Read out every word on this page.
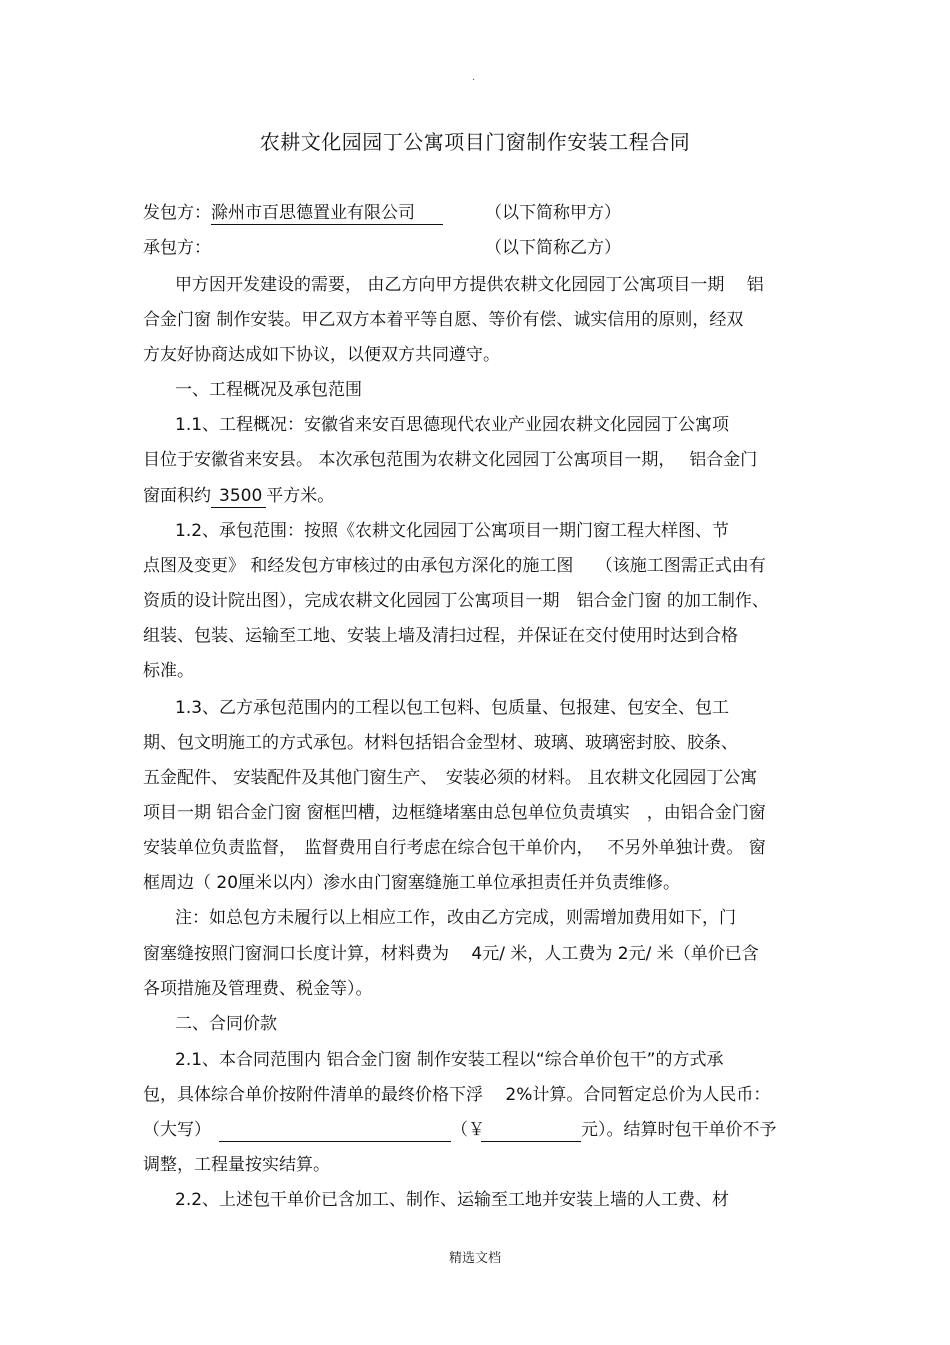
.
农耕文化园园丁公寓项目门窗制作安装工程合同
发包方：滁州市百思德置业有限公司	（以下简称甲方）
承包方：	（以下简称乙方）
甲方因开发建设的需要， 由乙方向甲方提供农耕文化园园丁公寓项目一期　 铝
合金门窗 制作安装。甲乙双方本着平等自愿、等价有偿、诚实信用的原则，经双
方友好协商达成如下协议，以便双方共同遵守。
一、工程概况及承包范围
1.1、工程概况：安徽省来安百思德现代农业产业园农耕文化园园丁公寓项
目位于安徽省来安县。 本次承包范围为农耕文化园园丁公寓项目一期，　 铝合金门
窗面积约 3500 平方米。
1.2、承包范围：按照《农耕文化园园丁公寓项目一期门窗工程大样图、节
点图及变更》 和经发包方审核过的由承包方深化的施工图　 （该施工图需正式由有
资质的设计院出图），完成农耕文化园园丁公寓项目一期　铝合金门窗 的加工制作、
组装、包装、运输至工地、安装上墙及清扫过程，并保证在交付使用时达到合格
标准。
1.3、乙方承包范围内的工程以包工包料、包质量、包报建、包安全、包工
期、包文明施工的方式承包。材料包括铝合金型材、玻璃、玻璃密封胶、胶条、
五金配件、 安装配件及其他门窗生产、　安装必须的材料。 且农耕文化园园丁公寓
项目一期 铝合金门窗 窗框凹槽，边框缝堵塞由总包单位负责填实　，由铝合金门窗
安装单位负责监督，　监督费用自行考虑在综合包干单价内，　 不另外单独计费。 窗
框周边（ 20厘米以内）渗水由门窗塞缝施工单位承担责任并负责维修。
注：如总包方未履行以上相应工作，改由乙方完成，则需增加费用如下，门
窗塞缝按照门窗洞口长度计算，材料费为　 4元/ 米，人工费为 2元/ 米（单价已含
各项措施及管理费、税金等）。
二、合同价款
2.1、本合同范围内 铝合金门窗 制作安装工程以“综合单价包干”的方式承
包，具体综合单价按附件清单的最终价格下浮　 2%计算。合同暂定总价为人民币：
（大写）	（￥	元）。结算时包干单价不予
调整，工程量按实结算。
2.2、上述包干单价已含加工、制作、运输至工地并安装上墙的人工费、材
精选文档
